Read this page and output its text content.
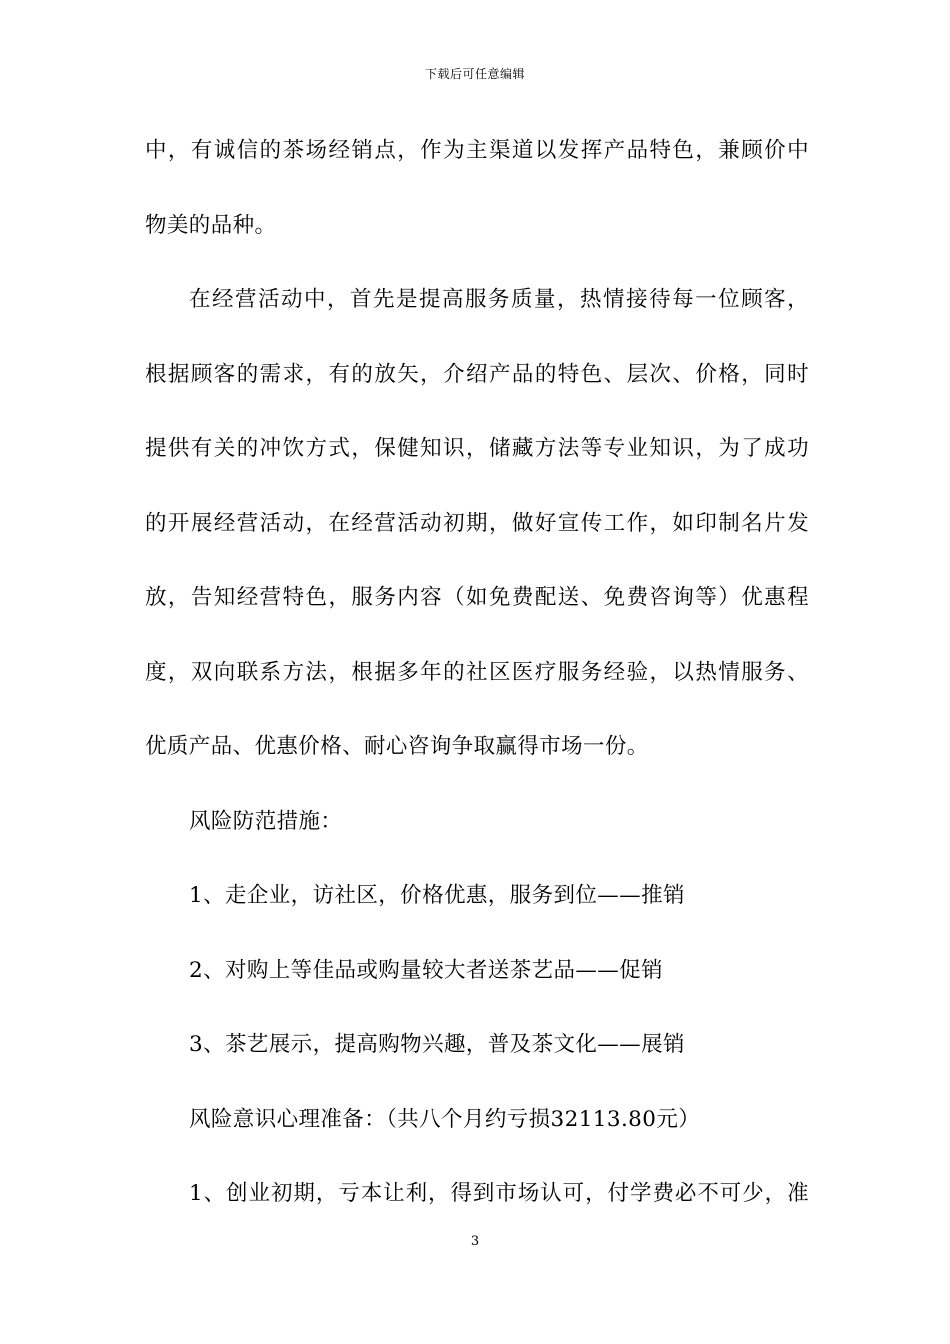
下载后可任意编辑
中，有诚信的茶场经销点，作为主渠道以发挥产品特色，兼顾价中
物美的品种。
在经营活动中，首先是提高服务质量，热情接待每一位顾客，
根据顾客的需求，有的放矢，介绍产品的特色、层次、价格，同时
提供有关的冲饮方式，保健知识，储藏方法等专业知识，为了成功
的开展经营活动，在经营活动初期，做好宣传工作，如印制名片发
放，告知经营特色，服务内容（如免费配送、免费咨询等）优惠程
度，双向联系方法，根据多年的社区医疗服务经验，以热情服务、
优质产品、优惠价格、耐心咨询争取赢得市场一份。
风险防范措施：
1、走企业，访社区，价格优惠，服务到位——推销
2、对购上等佳品或购量较大者送茶艺品——促销
3、茶艺展示，提高购物兴趣，普及茶文化——展销
风险意识心理准备：（共八个月约亏损32113.80元）
1、创业初期，亏本让利，得到市场认可，付学费必不可少，准
3
